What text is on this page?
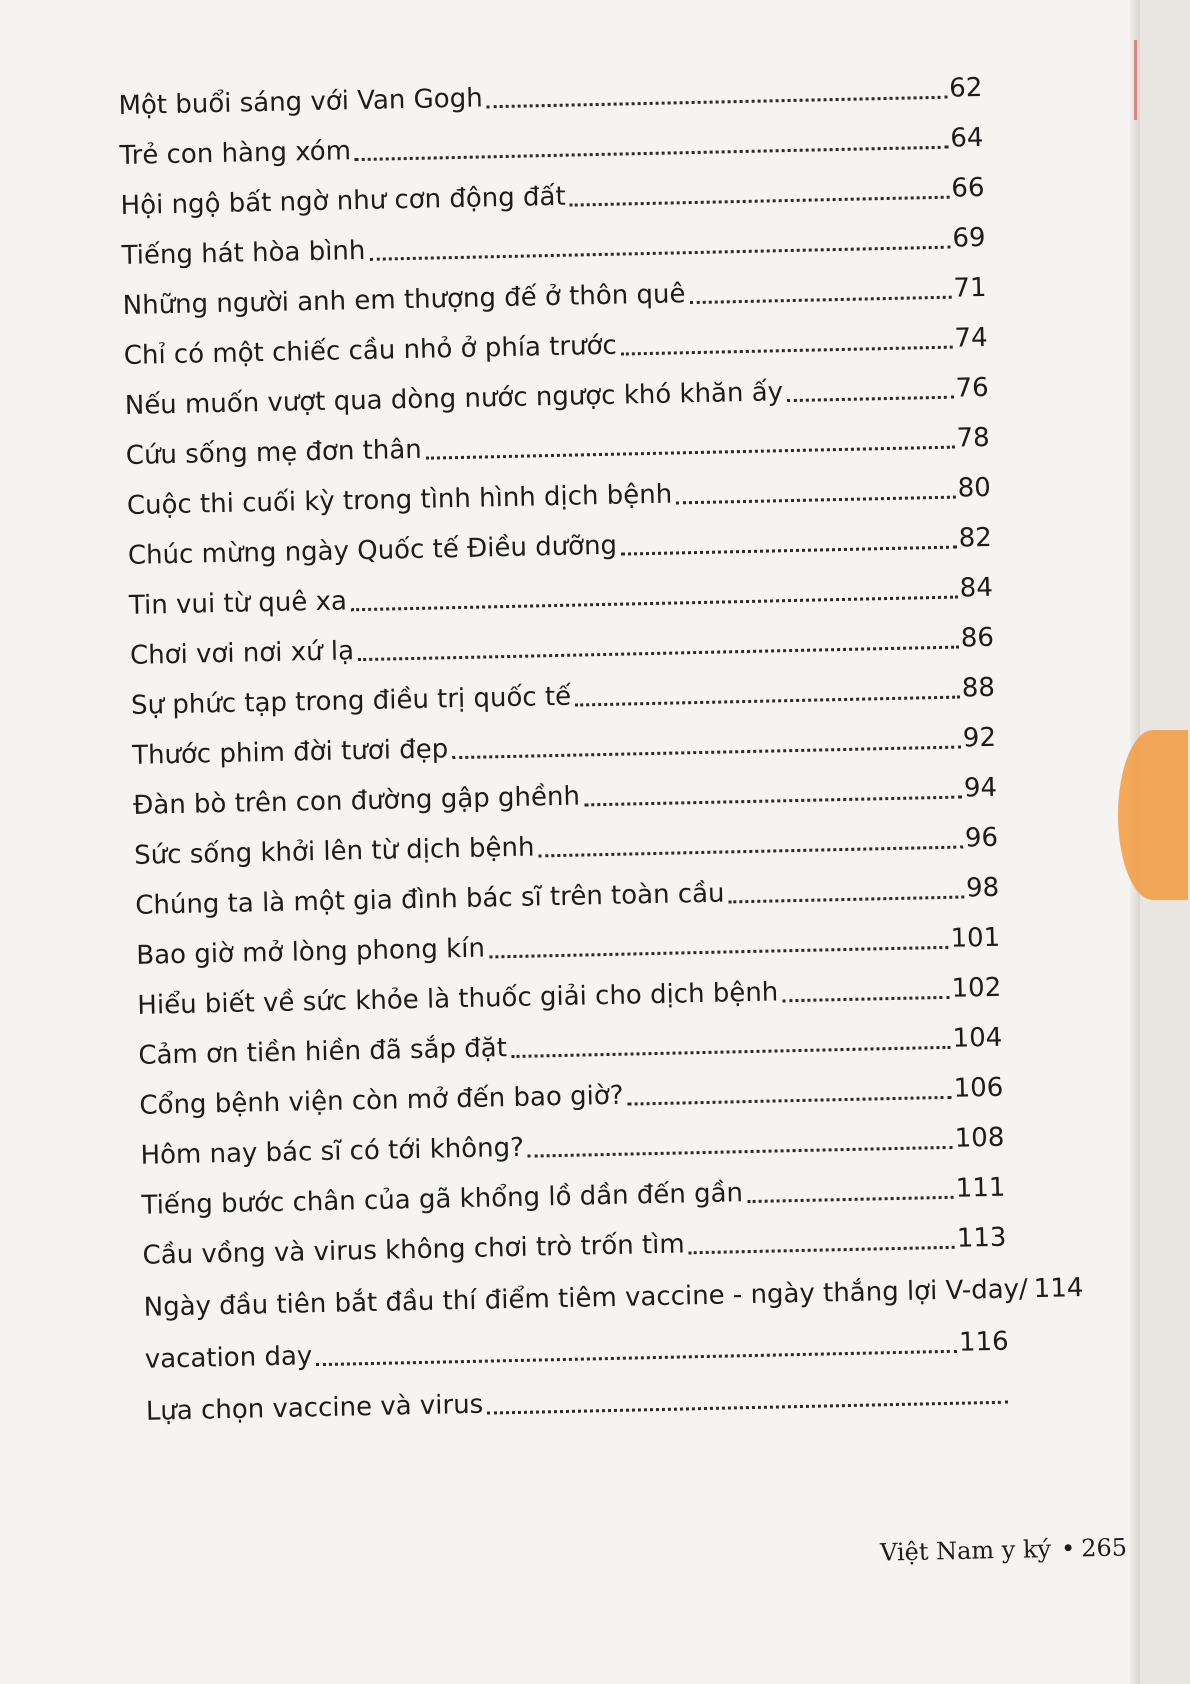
Một buổi sáng với Van Gogh	62
Trẻ con hàng xóm	64
Hội ngộ bất ngờ như cơn động đất	66
Tiếng hát hòa bình	69
Những người anh em thượng đế ở thôn quê	71
Chỉ có một chiếc cầu nhỏ ở phía trước	74
Nếu muốn vượt qua dòng nước ngược khó khăn ấy	76
Cứu sống mẹ đơn thân	78
Cuộc thi cuối kỳ trong tình hình dịch bệnh	80
Chúc mừng ngày Quốc tế Điều dưỡng	82
Tin vui từ quê xa	84
Chơi vơi nơi xứ lạ	86
Sự phức tạp trong điều trị quốc tế	88
Thước phim đời tươi đẹp	92
Đàn bò trên con đường gập ghềnh	94
Sức sống khởi lên từ dịch bệnh	96
Chúng ta là một gia đình bác sĩ trên toàn cầu	98
Bao giờ mở lòng phong kín	101
Hiểu biết về sức khỏe là thuốc giải cho dịch bệnh	102
Cảm ơn tiền hiền đã sắp đặt	104
Cổng bệnh viện còn mở đến bao giờ?	106
Hôm nay bác sĩ có tới không?	108
Tiếng bước chân của gã khổng lồ dần đến gần	111
Cầu vồng và virus không chơi trò trốn tìm	113
Ngày đầu tiên bắt đầu thí điểm tiêm vaccine - ngày thắng lợi V-day/ 114
vacation day	116
Lựa chọn vaccine và virus
Việt Nam y ký • 265
